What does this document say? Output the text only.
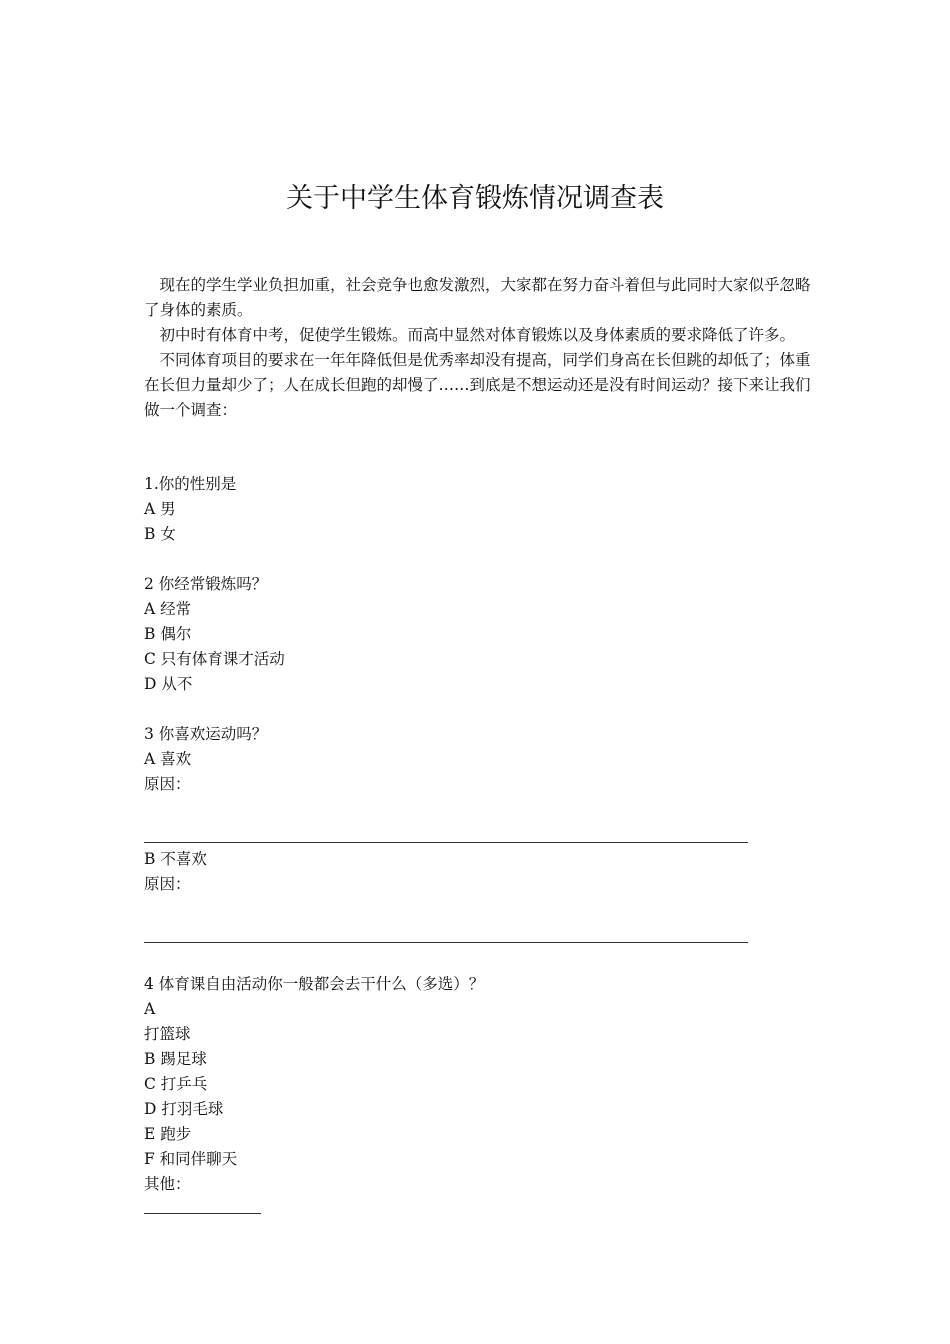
关于中学生体育锻炼情况调查表

现在的学生学业负担加重，社会竞争也愈发激烈，大家都在努力奋斗着但与此同时大家似乎忽略了身体的素质。

初中时有体育中考，促使学生锻炼。而高中显然对体育锻炼以及身体素质的要求降低了许多。

不同体育项目的要求在一年年降低但是优秀率却没有提高，同学们身高在长但跳的却低了；体重在长但力量却少了；人在成长但跑的却慢了……到底是不想运动还是没有时间运动？接下来让我们做一个调查：

1.你的性别是
A 男
B 女
2 你经常锻炼吗？
A 经常
B 偶尔
C 只有体育课才活动
D 从不
3 你喜欢运动吗？
A 喜欢
原因：
B 不喜欢
原因：
4 体育课自由活动你一般都会去干什么（多选）？
A
打篮球
B 踢足球
C 打乒乓
D 打羽毛球
E 跑步
F 和同伴聊天
其他：
